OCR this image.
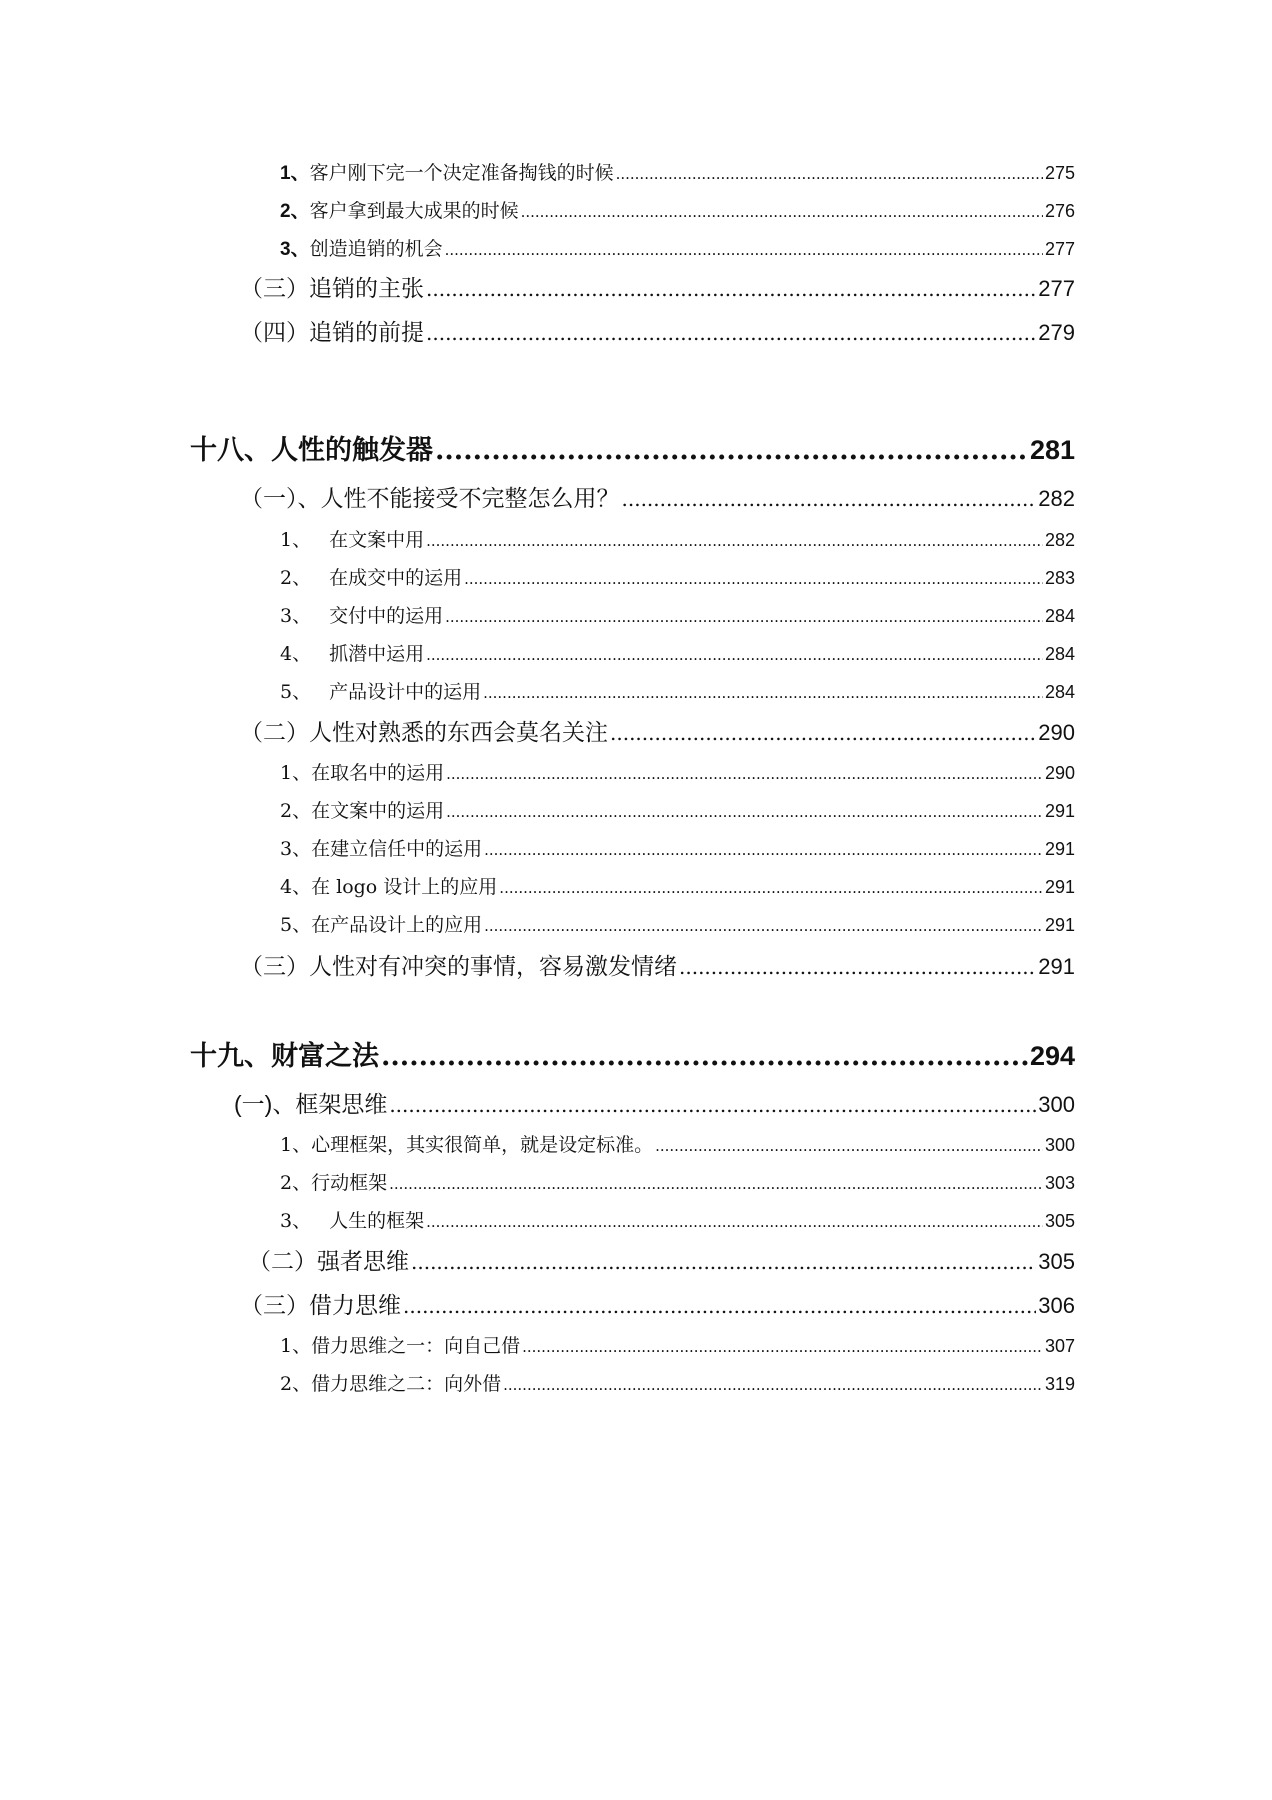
1、客户刚下完一个决定准备掏钱的时候 .....	275
2、客户拿到最大成果的时候 .....	276
3、创造追销的机会 .....	277
（三）追销的主张 .....	277
（四）追销的前提 .....	279
十八、人性的触发器 .....	281
（一）、人性不能接受不完整怎么用？ .....	282
1、 在文案中用 .....	282
2、 在成交中的运用 .....	283
3、 交付中的运用 .....	284
4、 抓潜中运用 .....	284
5、 产品设计中的运用 .....	284
（二）人性对熟悉的东西会莫名关注 .....	290
1、在取名中的运用 .....	290
2、在文案中的运用 .....	291
3、在建立信任中的运用 .....	291
4、在 logo 设计上的应用 .....	291
5、在产品设计上的应用 .....	291
（三）人性对有冲突的事情，容易激发情绪 .....	291
十九、财富之法 .....	294
(一)、框架思维 .....	300
1、心理框架，其实很简单，就是设定标准。 .....	300
2、行动框架 .....	303
3、 人生的框架 .....	305
（二）强者思维 .....	305
（三）借力思维 .....	306
1、借力思维之一：向自己借 .....	307
2、借力思维之二：向外借 .....	319
